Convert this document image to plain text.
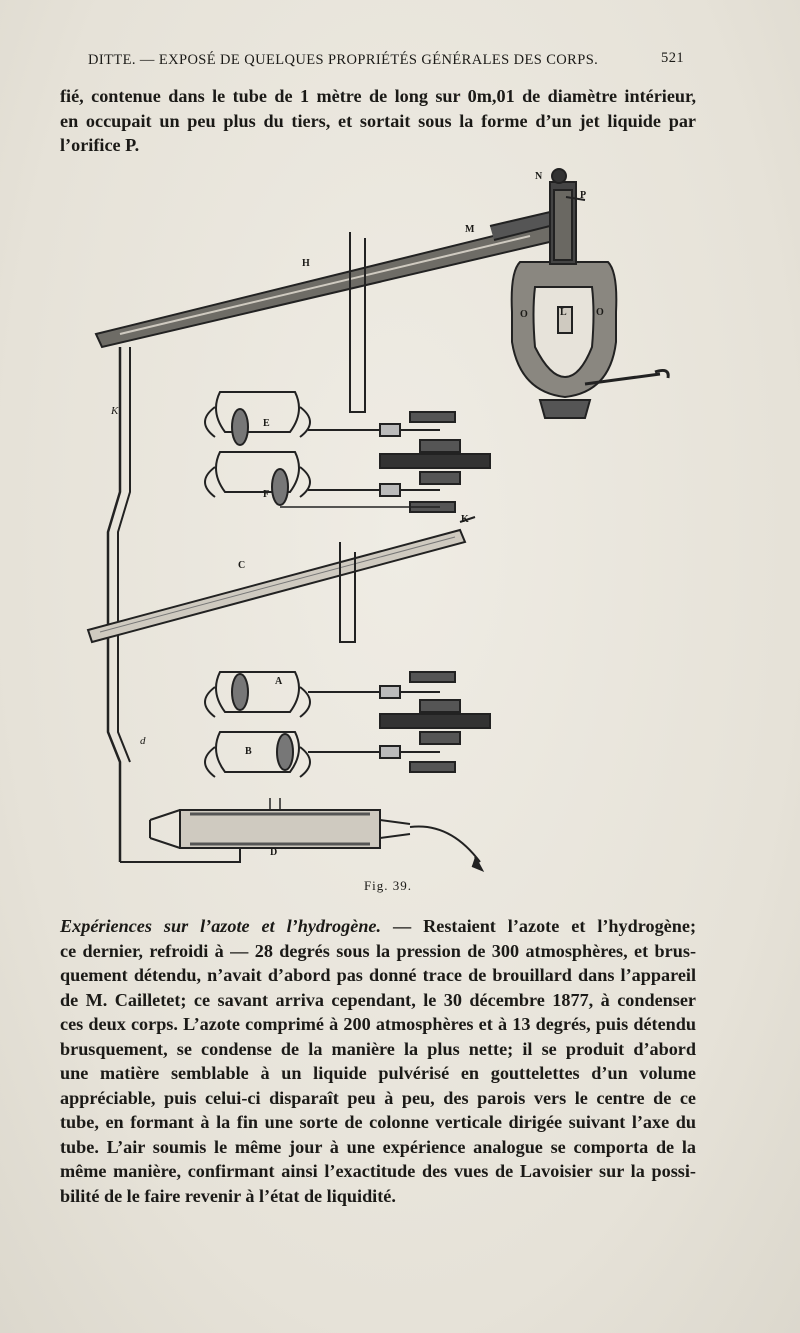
DITTE. — EXPOSÉ DE QUELQUES PROPRIÉTÉS GÉNÉRALES DES CORPS.	521
fié, contenue dans le tube de 1 mètre de long sur 0m,01 de diamètre intérieur,
en occupait un peu plus du tiers, et sortait sous la forme d’un jet liquide par
l’orifice P.
N
P
M
H
L
O	O
E
F
K
K
C
A
B
d
D
Fig. 39.
Expériences sur l’azote et l’hydrogène. — Restaient l’azote et l’hydrogène;
ce dernier, refroidi à — 28 degrés sous la pression de 300 atmosphères, et brus-
quement détendu, n’avait d’abord pas donné trace de brouillard dans l’appareil
de M. Cailletet; ce savant arriva cependant, le 30 décembre 1877, à condenser
ces deux corps. L’azote comprimé à 200 atmosphères et à 13 degrés, puis détendu
brusquement, se condense de la manière la plus nette; il se produit d’abord
une matière semblable à un liquide pulvérisé en gouttelettes d’un volume
appréciable, puis celui-ci disparaît peu à peu, des parois vers le centre de ce
tube, en formant à la fin une sorte de colonne verticale dirigée suivant l’axe du
tube. L’air soumis le même jour à une expérience analogue se comporta de la
même manière, confirmant ainsi l’exactitude des vues de Lavoisier sur la possi-
bilité de le faire revenir à l’état de liquidité.
